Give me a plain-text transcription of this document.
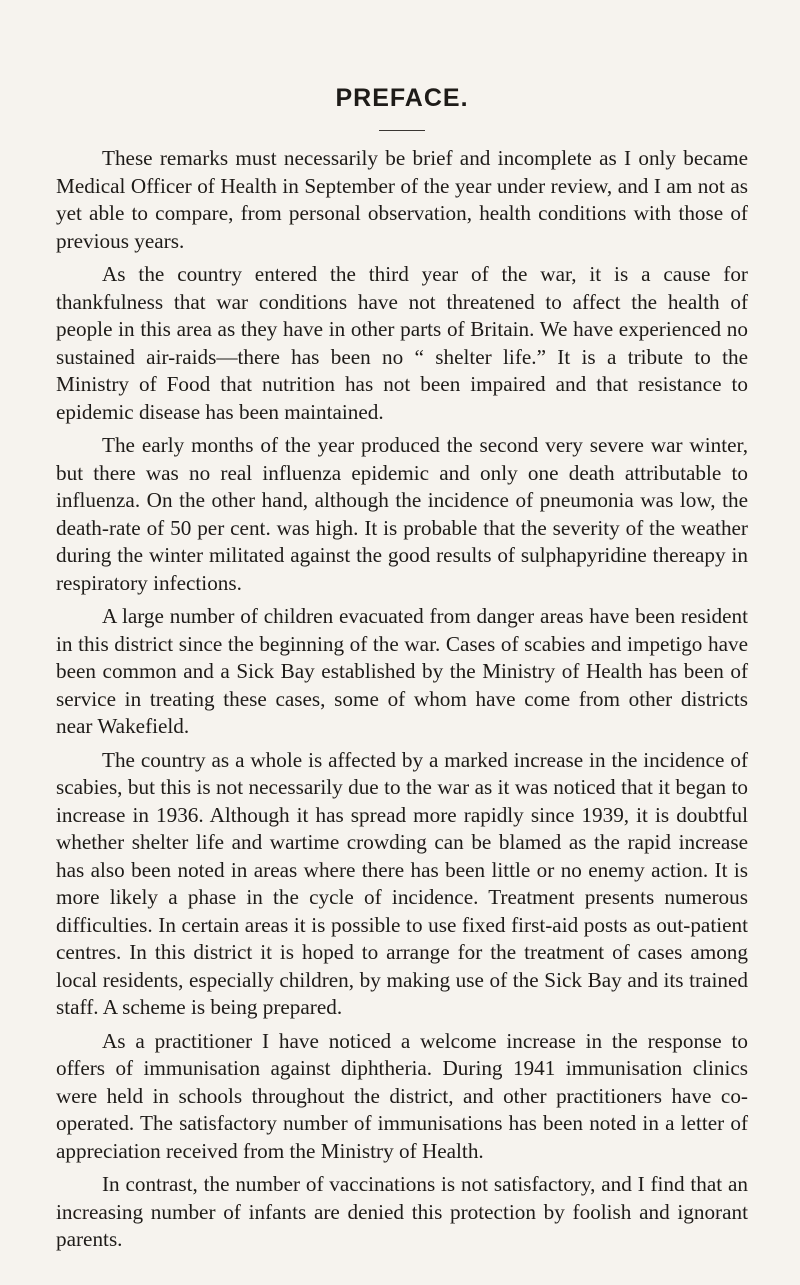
PREFACE.

These remarks must necessarily be brief and incomplete as I only became Medical Officer of Health in September of the year under review, and I am not as yet able to compare, from personal observation, health conditions with those of previous years.

As the country entered the third year of the war, it is a cause for thankfulness that war conditions have not threatened to affect the health of people in this area as they have in other parts of Britain. We have experienced no sustained air-raids—there has been no “ shelter life.” It is a tribute to the Ministry of Food that nutrition has not been impaired and that resistance to epidemic disease has been maintained.

The early months of the year produced the second very severe war winter, but there was no real influenza epidemic and only one death attributable to influenza. On the other hand, although the incidence of pneumonia was low, the death-rate of 50 per cent. was high. It is probable that the severity of the weather during the winter militated against the good results of sulphapyridine thereapy in respiratory infections.

A large number of children evacuated from danger areas have been resident in this district since the beginning of the war. Cases of scabies and impetigo have been common and a Sick Bay established by the Ministry of Health has been of service in treating these cases, some of whom have come from other districts near Wakefield.

The country as a whole is affected by a marked increase in the incidence of scabies, but this is not necessarily due to the war as it was noticed that it began to increase in 1936. Although it has spread more rapidly since 1939, it is doubtful whether shelter life and wartime crowding can be blamed as the rapid increase has also been noted in areas where there has been little or no enemy action. It is more likely a phase in the cycle of incidence. Treatment presents numerous difficulties. In certain areas it is possible to use fixed first-aid posts as out-patient centres. In this district it is hoped to arrange for the treatment of cases among local residents, especially children, by making use of the Sick Bay and its trained staff. A scheme is being prepared.

As a practitioner I have noticed a welcome increase in the response to offers of immunisation against diphtheria. During 1941 immunisation clinics were held in schools throughout the district, and other practitioners have co-operated. The satisfactory number of immunisations has been noted in a letter of appreciation received from the Ministry of Health.

In contrast, the number of vaccinations is not satisfactory, and I find that an increasing number of infants are denied this protection by foolish and ignorant parents.
